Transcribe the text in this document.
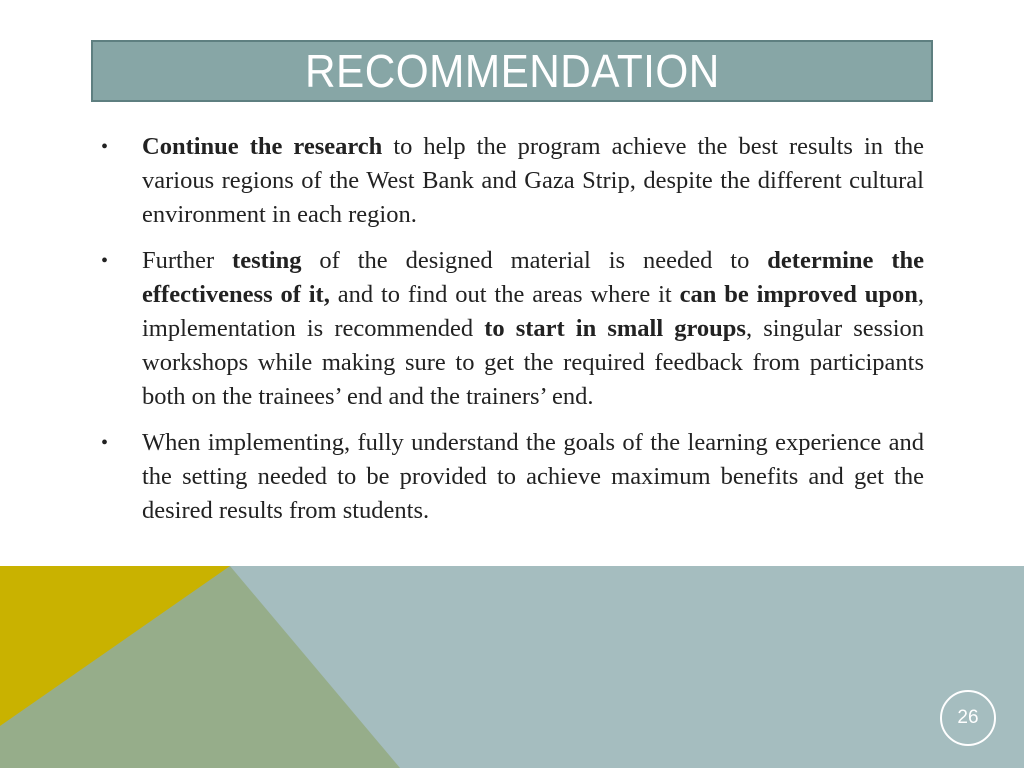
RECOMMENDATION
•	Continue the research to help the program achieve the best results in the various regions of the West Bank and Gaza Strip, despite the different cultural environment in each region.
•	Further testing of the designed material is needed to determine the effectiveness of it, and to find out the areas where it can be improved upon, implementation is recommended to start in small groups, singular session workshops while making sure to get the required feedback from participants both on the trainees’ end and the trainers’ end.
•	When implementing, fully understand the goals of the learning experience and the setting needed to be provided to achieve maximum benefits and get the desired results from students.
26
